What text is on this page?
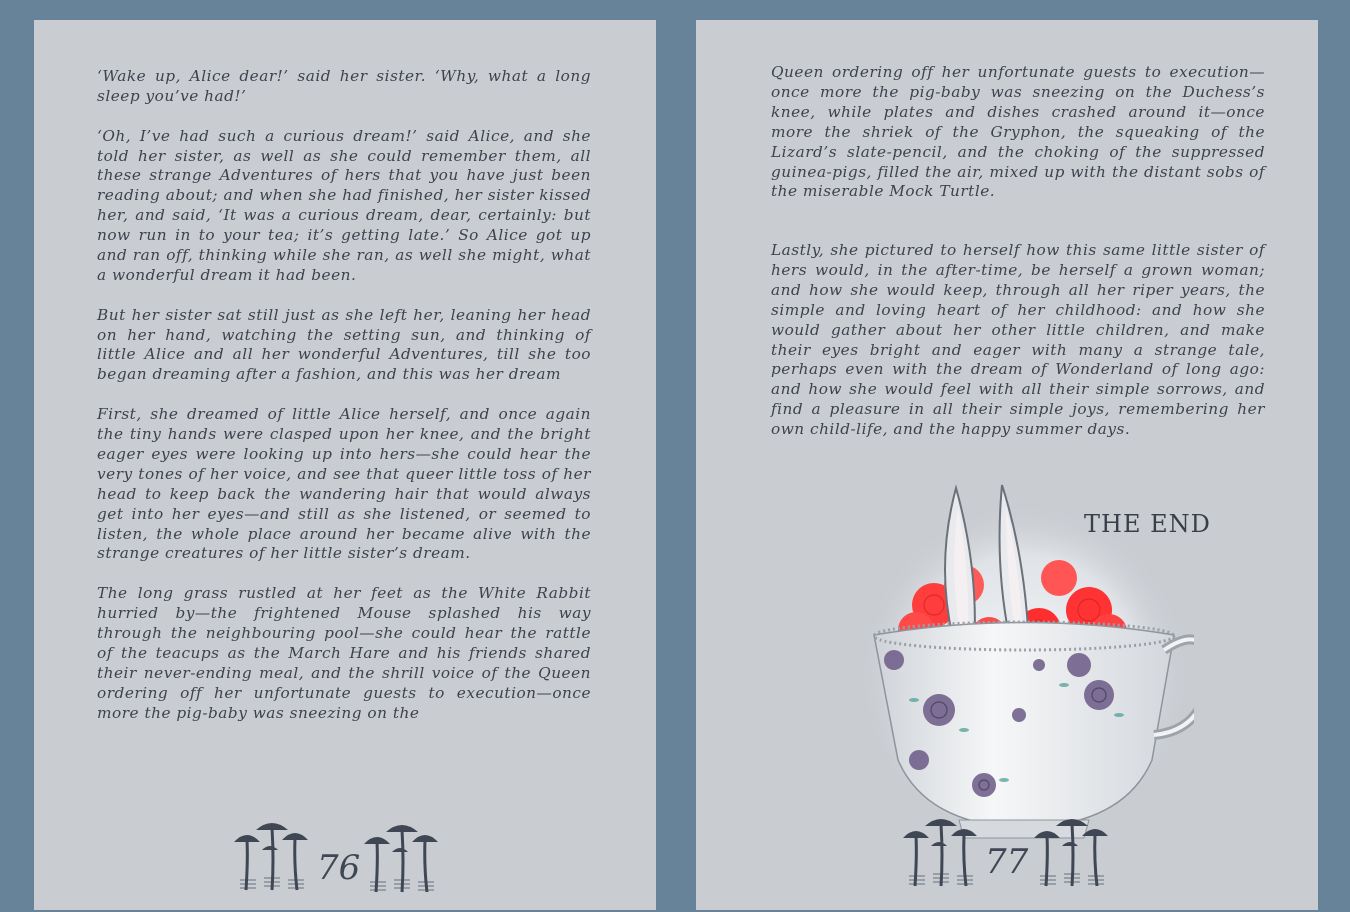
‘Wake up, Alice dear!’ said her sister. ‘Why, what a long sleep you’ve had!’

‘Oh, I’ve had such a curious dream!’ said Alice, and she told her sister, as well as she could remember them, all these strange Adventures of hers that you have just been reading about; and when she had finished, her sister kissed her, and said, ‘It was a curious dream, dear, certainly: but now run in to your tea; it’s getting late.’ So Alice got up and ran off, thinking while she ran, as well she might, what a wonderful dream it had been.

But her sister sat still just as she left her, leaning her head on her hand, watching the setting sun, and thinking of little Alice and all her wonderful Adventures, till she too began dreaming after a fashion, and this was her dream

First, she dreamed of little Alice herself, and once again the tiny hands were clasped upon her knee, and the bright eager eyes were looking up into hers—she could hear the very tones of her voice, and see that queer little toss of her head to keep back the wandering hair that would always get into her eyes—and still as she listened, or seemed to listen, the whole place around her became alive with the strange creatures of her little sister’s dream.

The long grass rustled at her feet as the White Rabbit hurried by—the frightened Mouse splashed his way through the neighbouring pool—she could hear the rattle of the teacups as the March Hare and his friends shared their never-ending meal, and the shrill voice of the Queen ordering off her unfortunate guests to execution—once more the pig-baby was sneezing on the

76

Queen ordering off her unfortunate guests to execution—once more the pig-baby was sneezing on the Duchess’s knee, while plates and dishes crashed around it—once more the shriek of the Gryphon, the squeaking of the Lizard’s slate-pencil, and the choking of the suppressed guinea-pigs, filled the air, mixed up with the distant sobs of the miserable Mock Turtle.

Lastly, she pictured to herself how this same little sister of hers would, in the after-time, be herself a grown woman; and how she would keep, through all her riper years, the simple and loving heart of her childhood: and how she would gather about her other little children, and make their eyes bright and eager with many a strange tale, perhaps even with the dream of Wonderland of long ago: and how she would feel with all their simple sorrows, and find a pleasure in all their simple joys, remembering her own child-life, and the happy summer days.

THE END
77
